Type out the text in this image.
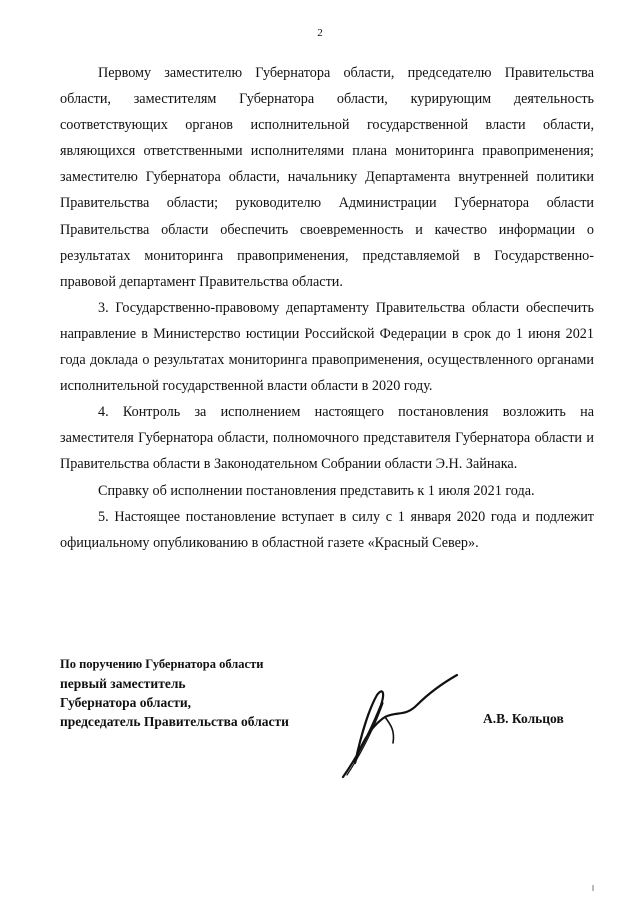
2

Первому заместителю Губернатора области, председателю Правительства области, заместителям Губернатора области, курирующим деятельность соответствующих органов исполнительной государственной власти области, являющихся ответственными исполнителями плана мониторинга правоприменения; заместителю Губернатора области, начальнику Департамента внутренней политики Правительства области; руководителю Администрации Губернатора области Правительства области обеспечить своевременность и качество информации о результатах мониторинга правоприменения, представляемой в Государственно-правовой департамент Правительства области.

3. Государственно-правовому департаменту Правительства области обеспечить направление в Министерство юстиции Российской Федерации в срок до 1 июня 2021 года доклада о результатах мониторинга правоприменения, осуществленного органами исполнительной государственной власти области в 2020 году.

4. Контроль за исполнением настоящего постановления возложить на заместителя Губернатора области, полномочного представителя Губернатора области и Правительства области в Законодательном Собрании области Э.Н. Зайнака.

Справку об исполнении постановления представить к 1 июля 2021 года.

5. Настоящее постановление вступает в силу с 1 января 2020 года и подлежит официальному опубликованию в областной газете «Красный Север».

По поручению Губернатора области
первый заместитель
Губернатора области,
председатель Правительства области	А.В. Кольцов
